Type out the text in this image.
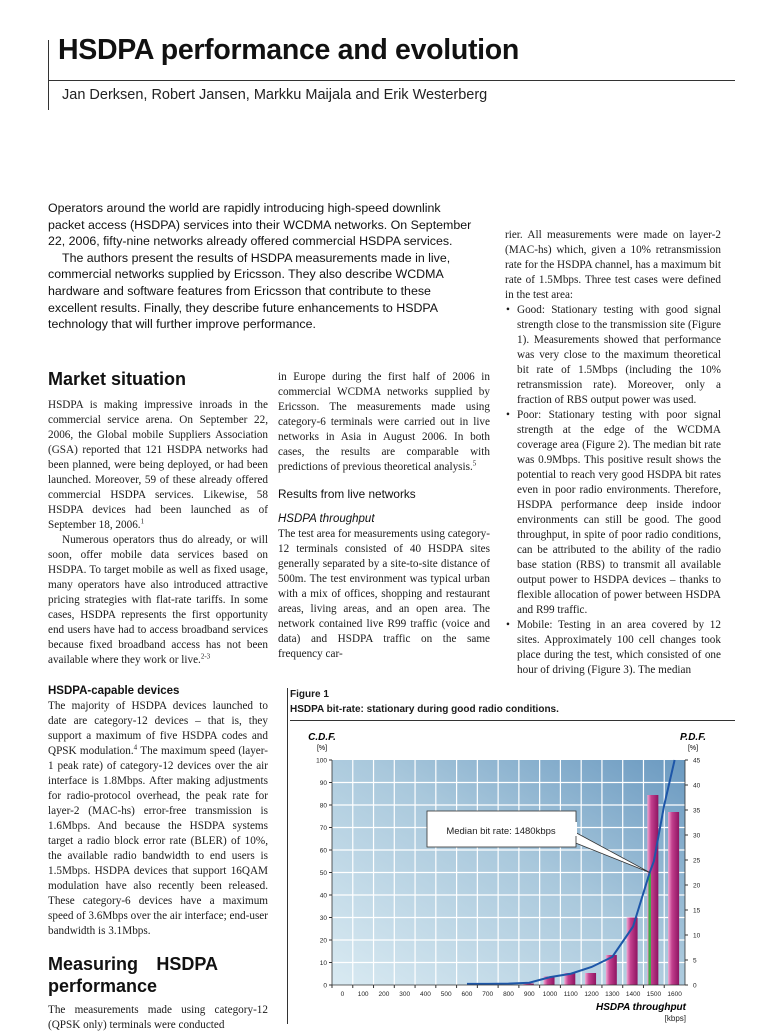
HSDPA performance and evolution
Jan Derksen, Robert Jansen, Markku Maijala and Erik Westerberg

Operators around the world are rapidly introducing high-speed downlink packet access (HSDPA) services into their WCDMA networks. On September 22, 2006, fifty-nine networks already offered commercial HSDPA services.

The authors present the results of HSDPA measurements made in live, commercial networks supplied by Ericsson. They also describe WCDMA hardware and software features from Ericsson that contribute to these excellent results. Finally, they describe future enhancements to HSDPA technology that will further improve performance.

Market situation

HSDPA is making impressive inroads in the commercial service arena. On September 22, 2006, the Global mobile Suppliers Association (GSA) reported that 121 HSDPA networks had been planned, were being deployed, or had been launched. Moreover, 59 of these already offered commercial HSDPA services. Likewise, 58 HSDPA devices had been launched as of September 18, 2006.$^1$

Numerous operators thus do already, or will soon, offer mobile data services based on HSDPA. To target mobile as well as fixed usage, many operators have also introduced attractive pricing strategies with flat-rate tariffs. In some cases, HSDPA represents the first opportunity end users have had to access broadband services because fixed broadband access has not been available where they work or live.$^{2-3}$

HSDPA-capable devices

The majority of HSDPA devices launched to date are category-12 devices – that is, they support a maximum of five HSDPA codes and QPSK modulation.$^4$ The maximum speed (layer-1 peak rate) of category-12 devices over the air interface is 1.8Mbps. After making adjustments for radio-protocol overhead, the peak rate for layer-2 (MAC-hs) error-free transmission is 1.6Mbps. And because the HSDPA systems target a radio block error rate (BLER) of 10%, the available radio bandwidth to end users is 1.5Mbps. HSDPA devices that support 16QAM modulation have also recently been released. These category-6 devices have a maximum speed of 3.6Mbps over the air interface; end-user bandwidth is 3.1Mbps.

Measuring HSDPA performance

The measurements made using category-12 (QPSK only) terminals were conducted

in Europe during the first half of 2006 in commercial WCDMA networks supplied by Ericsson. The measurements made using category-6 terminals were carried out in live networks in Asia in August 2006. In both cases, the results are comparable with predictions of previous theoretical analysis.$^5$

Results from live networks
HSDPA throughput

The test area for measurements using category-12 terminals consisted of 40 HSDPA sites generally separated by a site-to-site distance of 500m. The test environment was typical urban with a mix of offices, shopping and restaurant areas, living areas, and an open area. The network contained live R99 traffic (voice and data) and HSDPA traffic on the same frequency car-

rier. All measurements were made on layer-2 (MAC-hs) which, given a 10% retransmission rate for the HSDPA channel, has a maximum bit rate of 1.5Mbps. Three test cases were defined in the test area:

• Good: Stationary testing with good signal strength close to the transmission site (Figure 1). Measurements showed that performance was very close to the maximum theoretical bit rate of 1.5Mbps (including the 10% retransmission rate). Moreover, only a fraction of RBS output power was used.
• Poor: Stationary testing with poor signal strength at the edge of the WCDMA coverage area (Figure 2). The median bit rate was 0.9Mbps. This positive result shows the potential to reach very good HSDPA bit rates even in poor radio environments. Therefore, HSDPA performance deep inside indoor environments can still be good. The good throughput, in spite of poor radio conditions, can be attributed to the ability of the radio base station (RBS) to transmit all available output power to HSDPA devices – thanks to flexible allocation of power between HSDPA and R99 traffic.
• Mobile: Testing in an area covered by 12 sites. Approximately 100 cell changes took place during the test, which consisted of one hour of driving (Figure 3). The median
Figure 1
HSDPA bit-rate: stationary during good radio conditions.
0
10
20
30
40
50
60
70
80
90
100
0
5
10
15
20
25
30
35
40
45
0 100 200 300 400 500 600 700 800 900 1000 1100 1200 1300 1400 1500 1600
Median bit rate: 1480kbps
C.D.F.
[%]
P.D.F.
[%]
HSDPA throughput
[kbps]
